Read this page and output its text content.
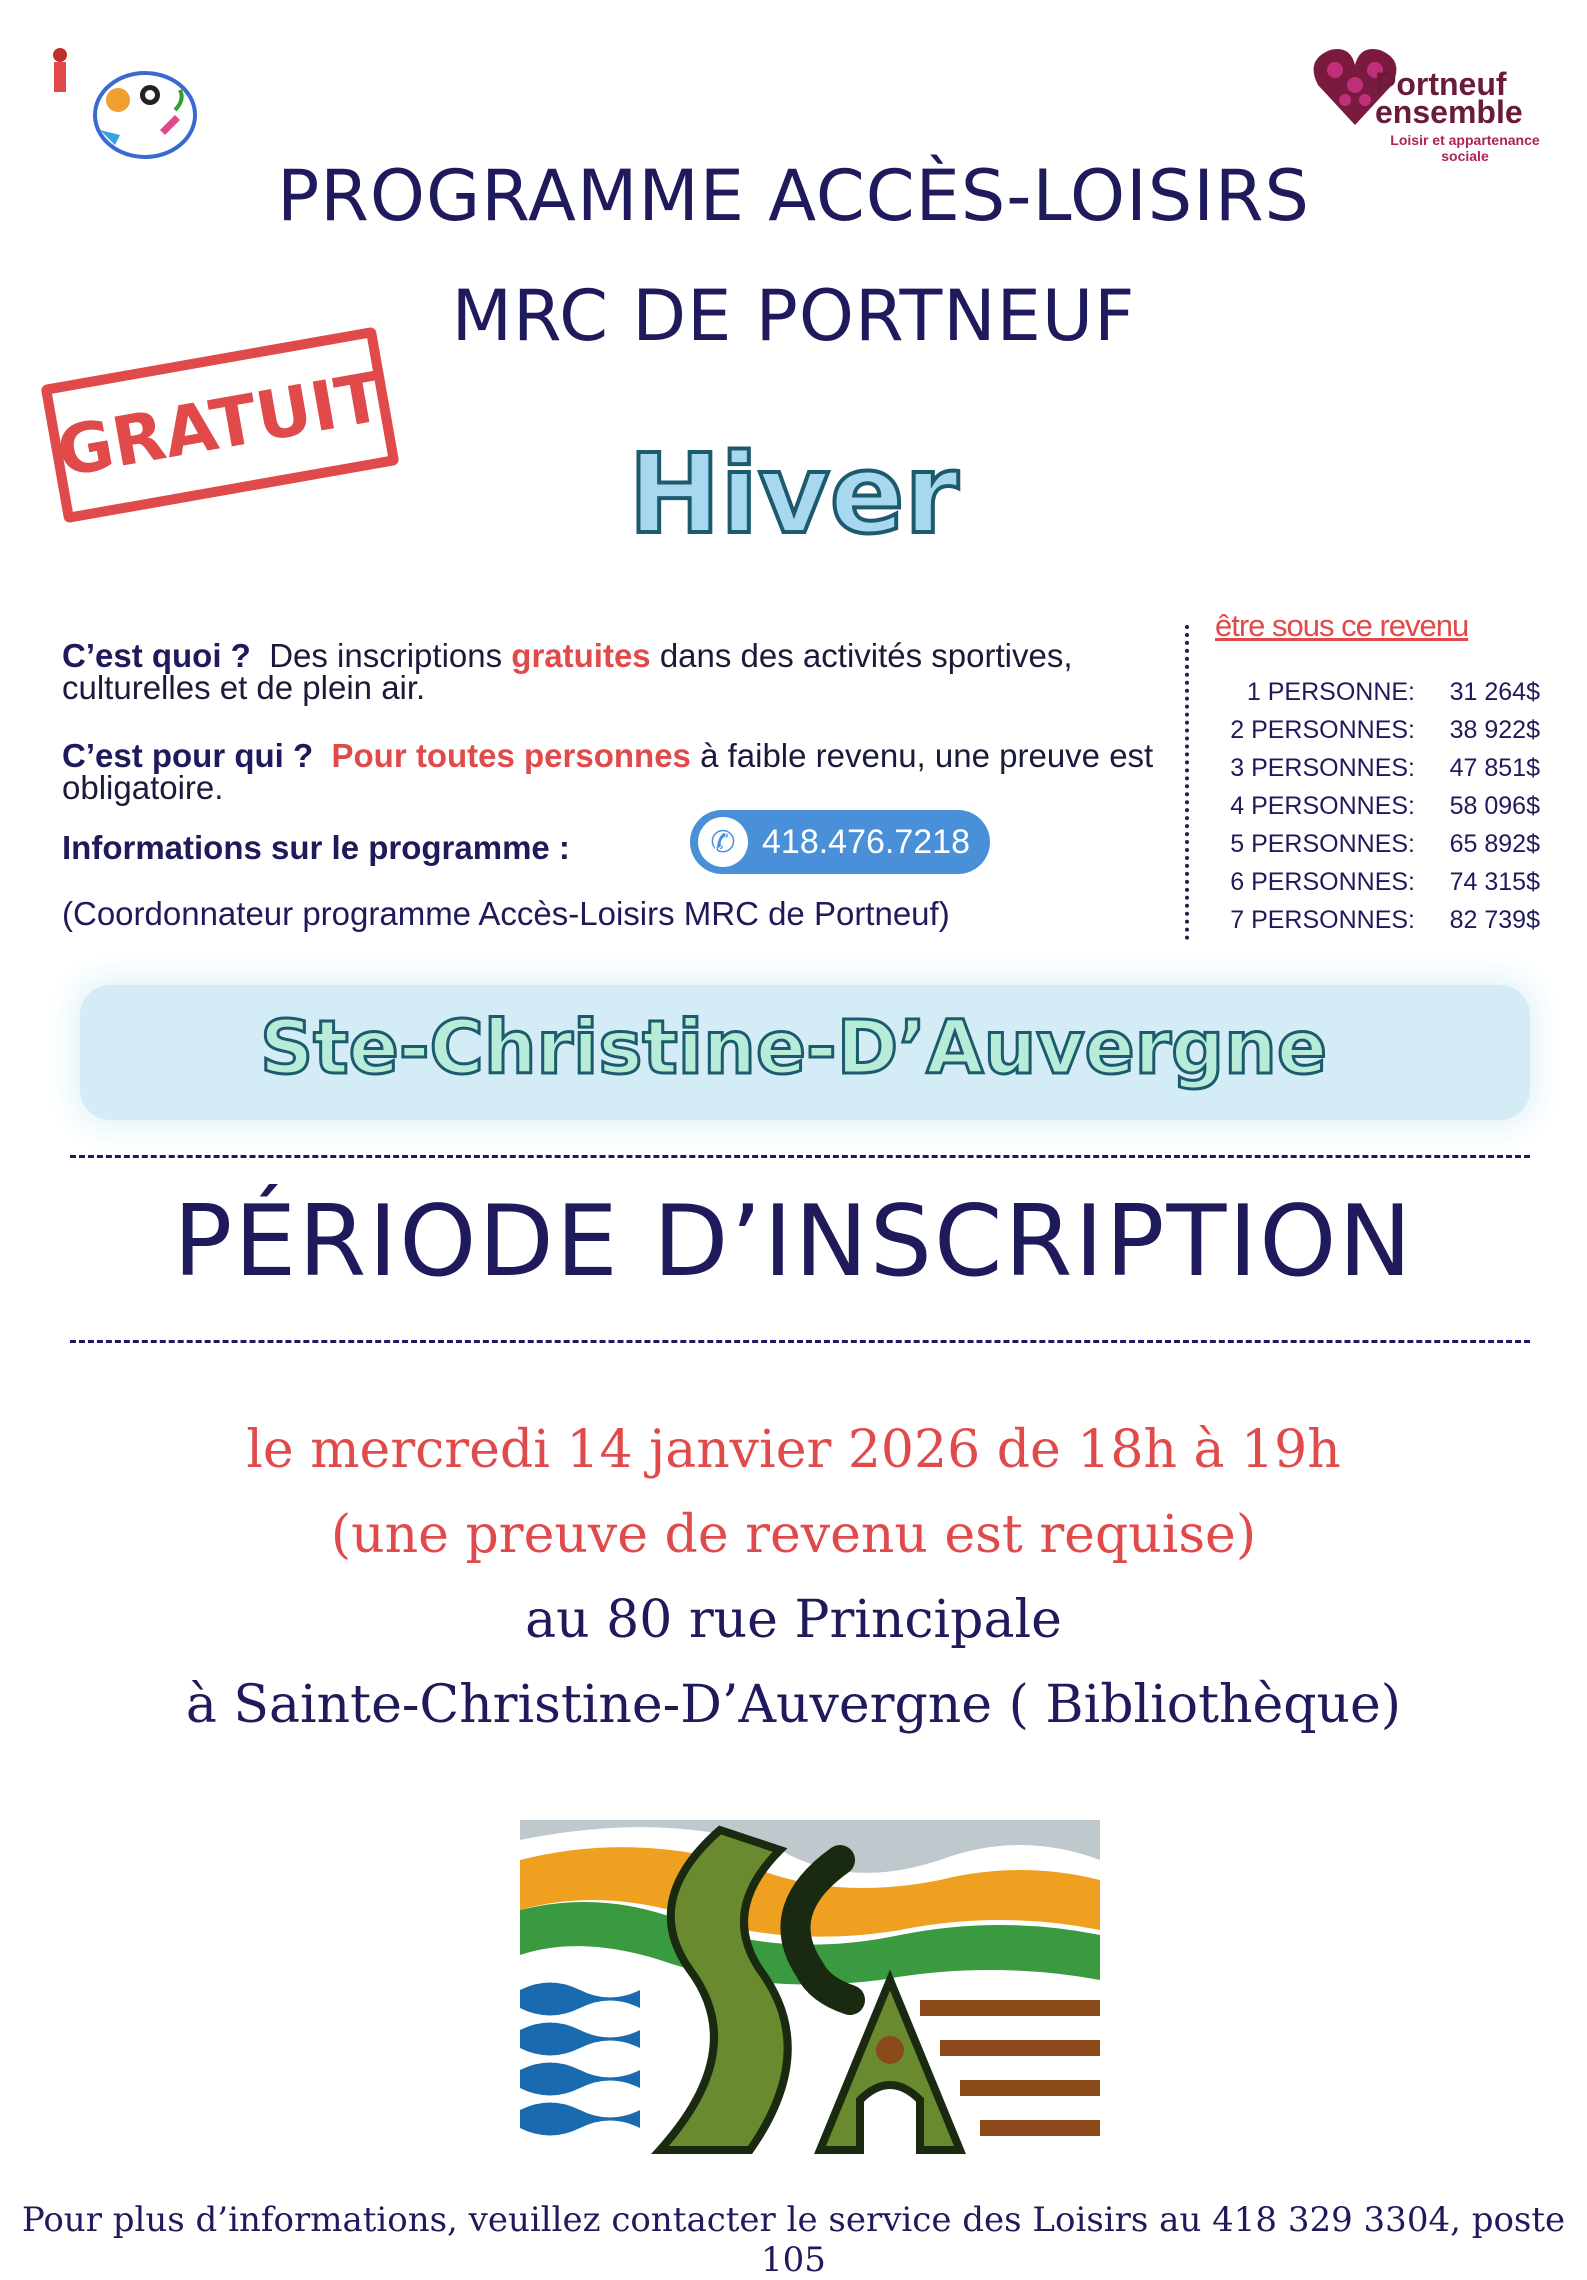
Portneuf
ensemble
Loisir et appartenance sociale
PROGRAMME ACCÈS-LOISIRS
MRC DE PORTNEUF
GRATUIT
Hiver
C’est quoi ? Des inscriptions gratuites dans des activités sportives, culturelles et de plein air.
C’est pour qui ? Pour toutes personnes à faible revenu, une preuve est obligatoire.
Informations sur le programme :	✆ 418.476.7218
(Coordonnateur programme Accès-Loisirs MRC de Portneuf)
être sous ce revenu
1 PERSONNE:	31 264$
2 PERSONNES:	38 922$
3 PERSONNES:	47 851$
4 PERSONNES:	58 096$
5 PERSONNES:	65 892$
6 PERSONNES:	74 315$
7 PERSONNES:	82 739$
Ste-Christine-D’Auvergne
PÉRIODE D’INSCRIPTION
le mercredi 14 janvier 2026 de 18h à 19h
(une preuve de revenu est requise)
au 80 rue Principale
à Sainte-Christine-D’Auvergne ( Bibliothèque)
Pour plus d’informations, veuillez contacter le service des Loisirs au 418 329 3304, poste 105
